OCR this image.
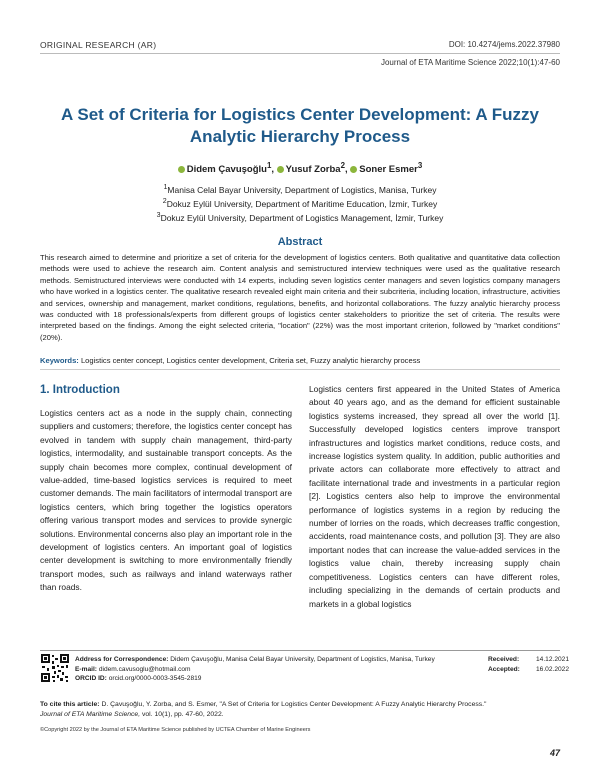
ORIGINAL RESEARCH (AR)	DOI: 10.4274/jems.2022.37980
Journal of ETA Maritime Science 2022;10(1):47-60
A Set of Criteria for Logistics Center Development: A Fuzzy Analytic Hierarchy Process
Didem Çavuşoğlu$^1$, Yusuf Zorba$^2$, Soner Esmer$^3$
$^1$Manisa Celal Bayar University, Department of Logistics, Manisa, Turkey
$^2$Dokuz Eylül University, Department of Maritime Education, İzmir, Turkey
$^3$Dokuz Eylül University, Department of Logistics Management, İzmir, Turkey
Abstract
This research aimed to determine and prioritize a set of criteria for the development of logistics centers. Both qualitative and quantitative data collection methods were used to achieve the research aim. Content analysis and semistructured interview techniques were used as the qualitative research methods. Semistructured interviews were conducted with 14 experts, including seven logistics center managers and seven logistics company managers who have worked in a logistics center. The qualitative research revealed eight main criteria and their subcriteria, including location, infrastructure, activities and services, ownership and management, market conditions, regulations, benefits, and horizontal collaborations. The fuzzy analytic hierarchy process was conducted with 18 professionals/experts from different groups of logistics center stakeholders to prioritize the set of criteria. The results were interpreted based on the findings. Among the eight selected criteria, "location" (22%) was the most important criterion, followed by "market conditions" (20%).
Keywords: Logistics center concept, Logistics center development, Criteria set, Fuzzy analytic hierarchy process
1. Introduction
Logistics centers act as a node in the supply chain, connecting suppliers and customers; therefore, the logistics center concept has evolved in tandem with supply chain management, third-party logistics, intermodality, and sustainable transport concepts. As the supply chain becomes more complex, continual development of value-added, time-based logistics services is required to meet customer demands. The main facilitators of intermodal transport are logistics centers, which bring together the logistics operators offering various transport modes and services to provide synergic solutions. Environmental concerns also play an important role in the development of logistics centers. An important goal of logistics center development is switching to more environmentally friendly transport modes, such as railways and inland waterways rather than roads.
Logistics centers first appeared in the United States of America about 40 years ago, and as the demand for efficient sustainable logistics systems increased, they spread all over the world [1]. Successfully developed logistics centers improve transport infrastructures and logistics market conditions, reduce costs, and increase logistics system quality. In addition, public authorities and private actors can collaborate more effectively to attract and facilitate international trade and investments in a particular region [2]. Logistics centers also help to improve the environmental performance of logistics systems in a region by reducing the number of lorries on the roads, which decreases traffic congestion, accidents, road maintenance costs, and pollution [3]. They are also important nodes that can increase the value-added services in the logistics value chain, thereby increasing supply chain competitiveness. Logistics centers can have different roles, including specializing in the demands of certain products and markets in a global logistics
Address for Correspondence: Didem Çavuşoğlu, Manisa Celal Bayar University, Department of Logistics, Manisa, Turkey
E-mail: didem.cavusoglu@hotmail.com
ORCID ID: orcid.org/0000-0003-3545-2819
Received:	14.12.2021
Accepted: 16.02.2022
To cite this article: D. Çavuşoğlu, Y. Zorba, and S. Esmer, "A Set of Criteria for Logistics Center Development: A Fuzzy Analytic Hierarchy Process."
Journal of ETA Maritime Science, vol. 10(1), pp. 47-60, 2022.
©Copyright 2022 by the Journal of ETA Maritime Science published by UCTEA Chamber of Marine Engineers
47
